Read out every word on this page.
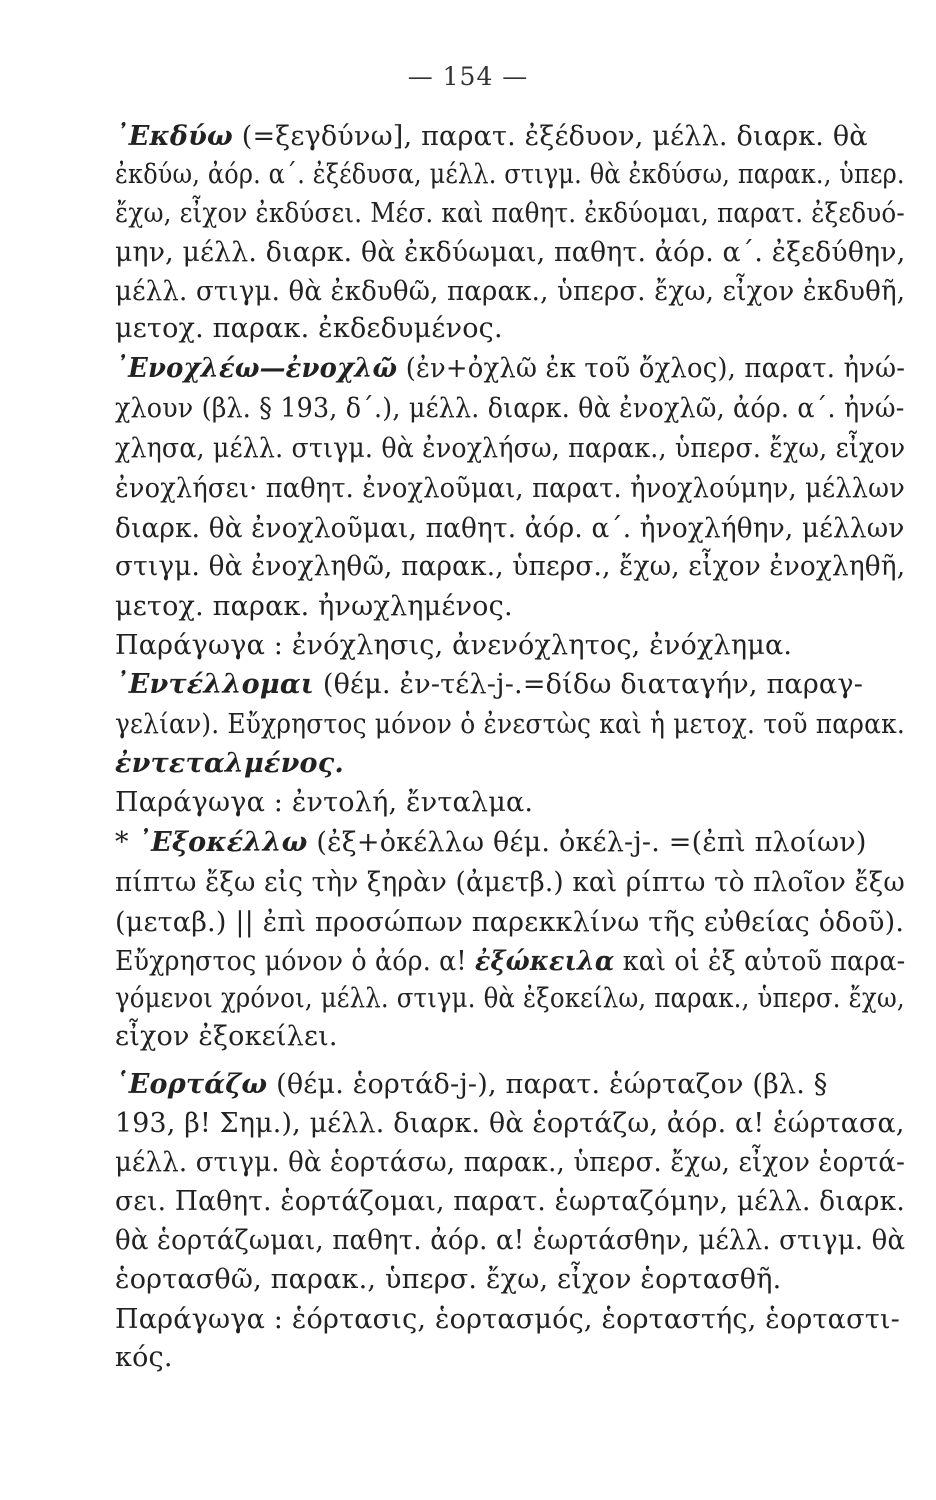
— 154 —
᾿Εκδύω (=ξεγδύνω], παρατ. ἐξέδυον, μέλλ. διαρκ. θὰ
ἐκδύω, ἀόρ. α΄. ἐξέδυσα, μέλλ. στιγμ. θὰ ἐκδύσω, παρακ., ὑπερ.
ἔχω, εἶχον ἐκδύσει. Μέσ. καὶ παθητ. ἐκδύομαι, παρατ. ἐξεδυό-
μην, μέλλ. διαρκ. θὰ ἐκδύωμαι, παθητ. ἀόρ. α΄. ἐξεδύθην,
μέλλ. στιγμ. θὰ ἐκδυθῶ, παρακ., ὑπερσ. ἔχω, εἶχον ἐκδυθῆ,
μετοχ. παρακ. ἐκδεδυμένος.
᾿Ενοχλέω—ἐνοχλῶ (ἐν+ὀχλῶ ἐκ τοῦ ὄχλος), παρατ. ἠνώ-
χλουν (βλ. § 193, δ΄.), μέλλ. διαρκ. θὰ ἐνοχλῶ, ἀόρ. α΄. ἠνώ-
χλησα, μέλλ. στιγμ. θὰ ἐνοχλήσω, παρακ., ὑπερσ. ἔχω, εἶχον
ἐνοχλήσει· παθητ. ἐνοχλοῦμαι, παρατ. ἠνοχλούμην, μέλλων
διαρκ. θὰ ἐνοχλοῦμαι, παθητ. ἀόρ. α΄. ἠνοχλήθην, μέλλων
στιγμ. θὰ ἐνοχληθῶ, παρακ., ὑπερσ., ἔχω, εἶχον ἐνοχληθῆ,
μετοχ. παρακ. ἠνωχλημένος.
Παράγωγα : ἐνόχλησις, ἀνενόχλητος, ἐνόχλημα.
᾿Εντέλλομαι (θέμ. ἐν-τέλ-j-.=δίδω διαταγήν, παραγ-
γελίαν). Εὔχρηστος μόνον ὁ ἐνεστὼς καὶ ἡ μετοχ. τοῦ παρακ.
ἐντεταλμένος.
Παράγωγα : ἐντολή, ἔνταλμα.
* ᾿Εξοκέλλω (ἐξ+ὀκέλλω θέμ. ὀκέλ-j-. =(ἐπὶ πλοίων)
πίπτω ἔξω εἰς τὴν ξηρὰν (ἀμετβ.) καὶ ρίπτω τὸ πλοῖον ἔξω
(μεταβ.) || ἐπὶ προσώπων παρεκκλίνω τῆς εὐθείας ὁδοῦ).
Εὔχρηστος μόνον ὁ ἀόρ. α! ἐξώκειλα καὶ οἱ ἐξ αὐτοῦ παρα-
γόμενοι χρόνοι, μέλλ. στιγμ. θὰ ἐξοκείλω, παρακ., ὑπερσ. ἔχω,
εἶχον ἐξοκείλει.
῾Εορτάζω (θέμ. ἑορτάδ-j-), παρατ. ἑώρταζον (βλ. §
193, β! Σημ.), μέλλ. διαρκ. θὰ ἑορτάζω, ἀόρ. α! ἑώρτασα,
μέλλ. στιγμ. θὰ ἑορτάσω, παρακ., ὑπερσ. ἔχω, εἶχον ἑορτά-
σει. Παθητ. ἑορτάζομαι, παρατ. ἑωρταζόμην, μέλλ. διαρκ.
θὰ ἑορτάζωμαι, παθητ. ἀόρ. α! ἑωρτάσθην, μέλλ. στιγμ. θὰ
ἑορτασθῶ, παρακ., ὑπερσ. ἔχω, εἶχον ἑορτασθῆ.
Παράγωγα : ἑόρτασις, ἑορτασμός, ἑορταστής, ἑορταστι-
κός.
